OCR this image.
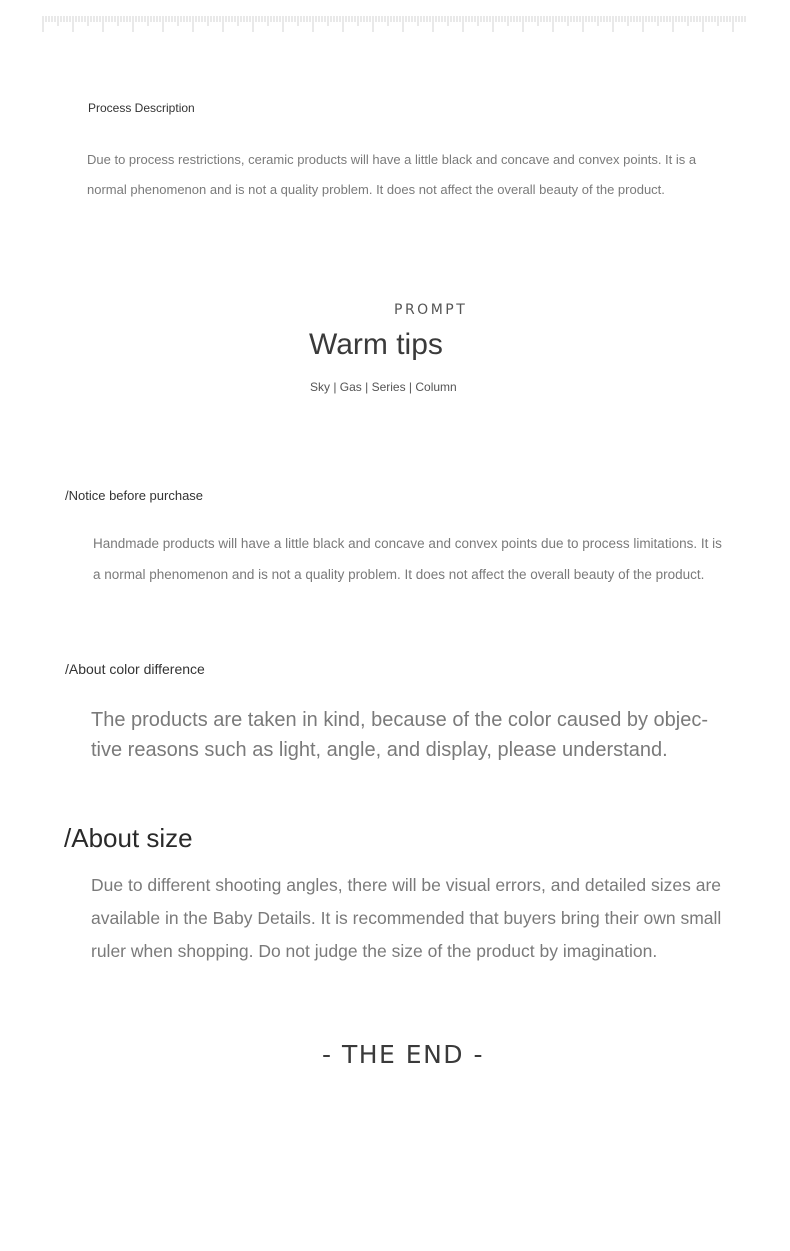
Process Description

Due to process restrictions, ceramic products will have a little black and concave and convex points. It is a normal phenomenon and is not a quality problem. It does not affect the overall beauty of the product.

PROMPT

Warm tips

Sky | Gas | Series | Column

/Notice before purchase

Handmade products will have a little black and concave and convex points due to process limitations. It is a normal phenomenon and is not a quality problem. It does not affect the overall beauty of the product.

/About color difference

The products are taken in kind, because of the color caused by objec-tive reasons such as light, angle, and display, please understand.

/About size

Due to different shooting angles, there will be visual errors, and detailed sizes are available in the Baby Details. It is recommended that buyers bring their own small ruler when shopping. Do not judge the size of the product by imagination.

- THE END -
